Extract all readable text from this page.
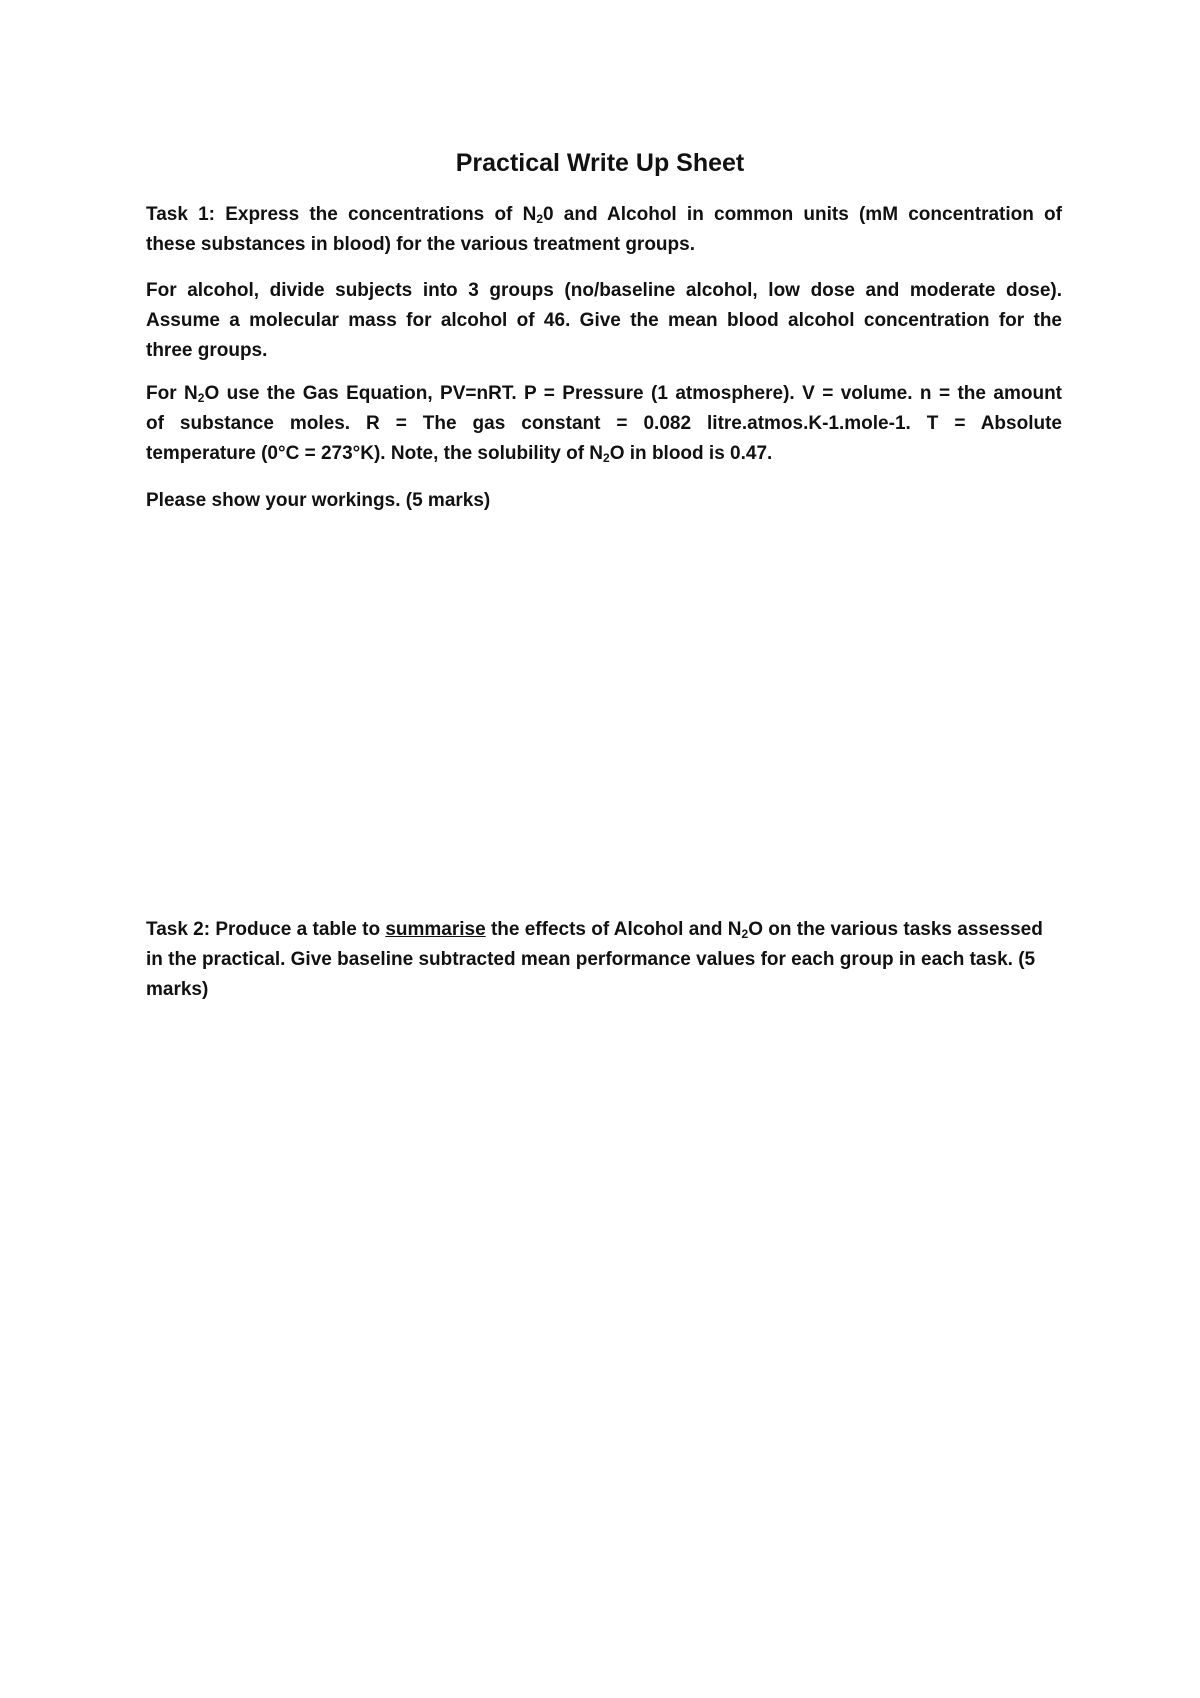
Practical Write Up Sheet

Task 1: Express the concentrations of $N_20$ and Alcohol in common units (mM concentration of
these substances in blood) for the various treatment groups.

For alcohol, divide subjects into 3 groups (no/baseline alcohol, low dose and moderate dose).
Assume a molecular mass for alcohol of 46. Give the mean blood alcohol concentration for the
three groups.

For $N_2O$ use the Gas Equation, PV=nRT. P = Pressure (1 atmosphere). V = volume. n = the amount
of substance moles. R = The gas constant = 0.082 litre.atmos.K-1.mole-1. T = Absolute
temperature (0°C = 273°K). Note, the solubility of $N_2O$ in blood is 0.47.

Please show your workings. (5 marks)

Task 2: Produce a table to summarise the effects of Alcohol and $N_2O$ on the various tasks assessed
in the practical. Give baseline subtracted mean performance values for each group in each task. (5
marks)
